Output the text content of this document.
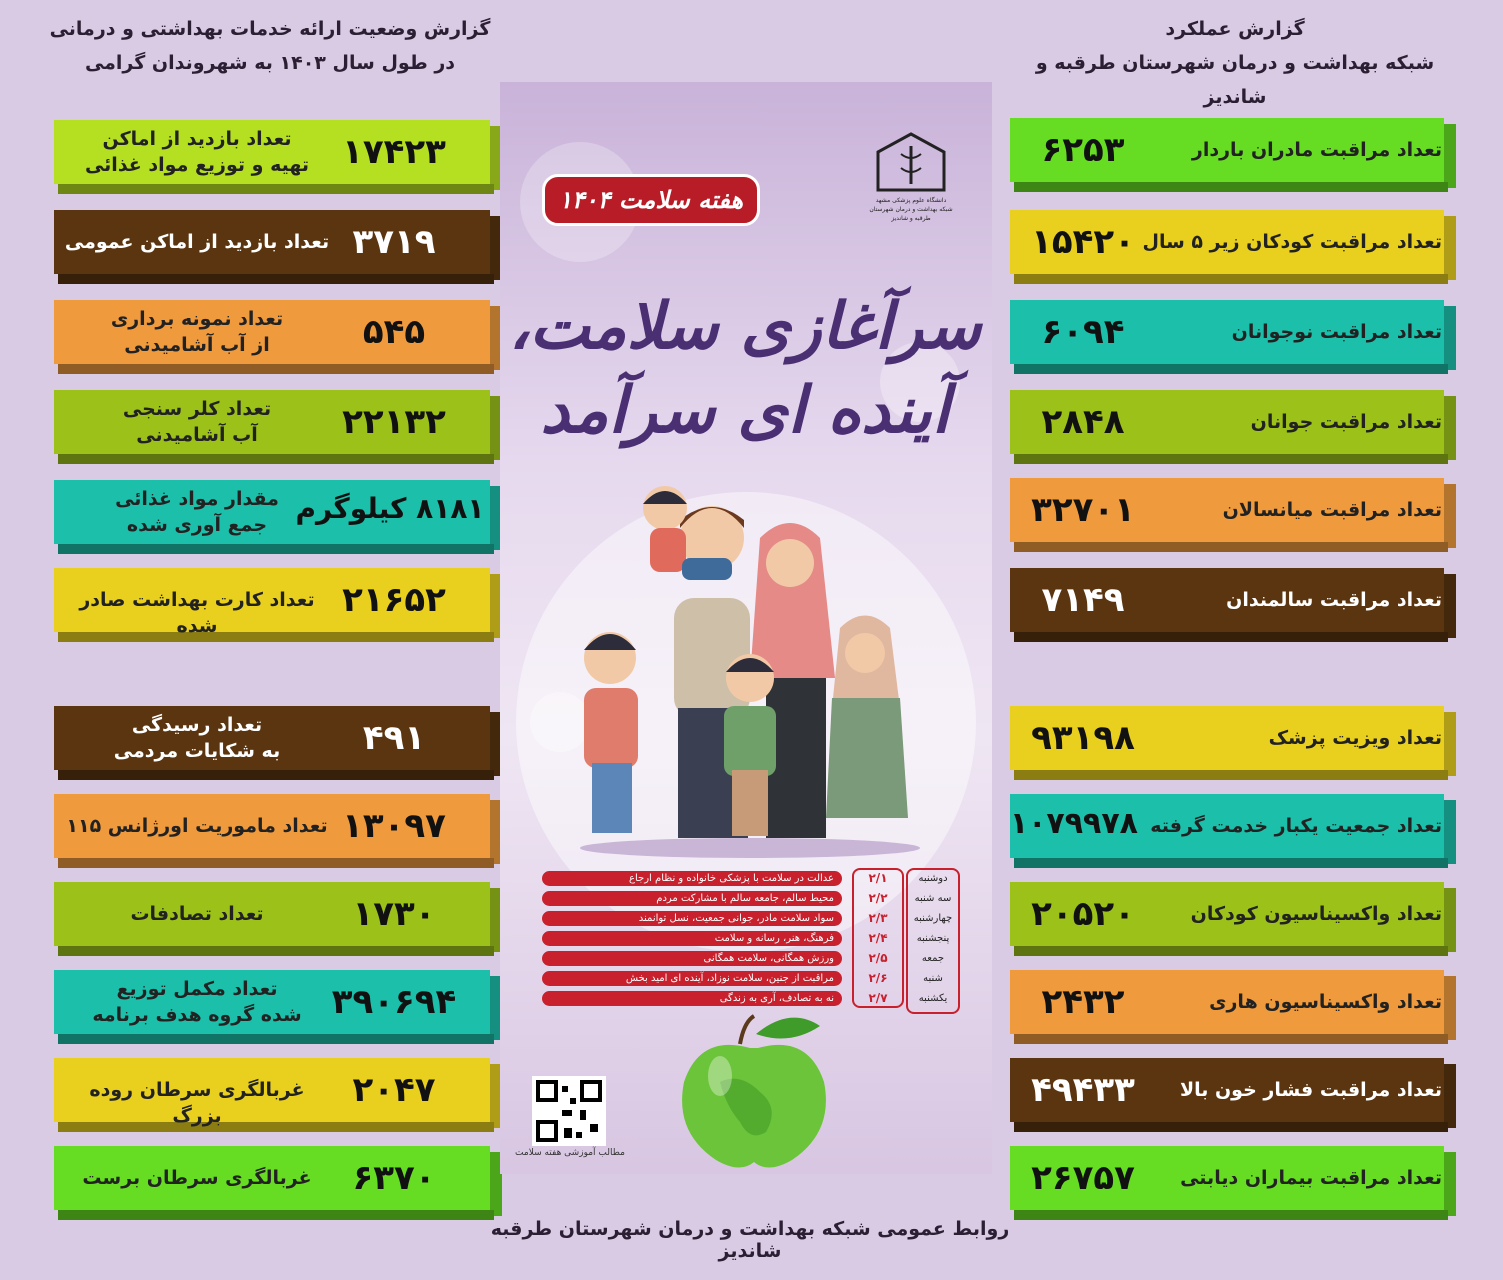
گزارش عملکرد
شبکه بهداشت و درمان شهرستان طرقبه و شاندیز
گزارش وضعیت ارائه خدمات بهداشتی و درمانی
در طول سال ۱۴۰۳ به شهروندان گرامی
تعداد بازدید از اماکن
تهیه و توزیع مواد غذائی	۱۷۴۲۳
تعداد بازدید از اماکن عمومی ۳۷۱۹
تعداد نمونه برداری
از آب آشامیدنی	۵۴۵
تعداد کلر سنجی
آب آشامیدنی	۲۲۱۳۲
مقدار مواد غذائی
جمع آوری شده	۸۱۸۱ کیلوگرم
تعداد کارت بهداشت صادر شده
۲۱۶۵۲
تعداد رسیدگی
به شکایات مردمی	۴۹۱
تعداد ماموریت اورژانس ۱۱۵ ۱۳۰۹۷
تعداد تصادفات	۱۷۳۰
تعداد مکمل توزیع
شده گروه هدف برنامه	۳۹۰۶۹۴
غربالگری سرطان روده بزرگ
۲۰۴۷
غربالگری سرطان برست	۶۳۷۰
تعداد مراقبت مادران باردار
۶۲۵۳
تعداد مراقبت کودکان زیر ۵ سال
۱۵۴۲۰
تعداد مراقبت نوجوانان
۶۰۹۴
تعداد مراقبت جوانان
۲۸۴۸
تعداد مراقبت میانسالان
۳۲۷۰۱
تعداد مراقبت سالمندان
۷۱۴۹
تعداد ویزیت پزشک
۹۳۱۹۸
تعداد جمعیت یکبار خدمت گرفته
۱۰۷۹۹۷۸
تعداد واکسیناسیون کودکان
۲۰۵۲۰
تعداد واکسیناسیون هاری
۲۴۳۲
تعداد مراقبت فشار خون بالا
۴۹۴۳۳
تعداد مراقبت بیماران دیابتی
۲۶۷۵۷
دانشگاه علوم پزشکی مشهد
شبکه بهداشت و درمان شهرستان طرقبه و شاندیز
هفته سلامت ۱۴۰۴
سرآغازی سلامت،
آینده ای سرآمد
عدالت در سلامت با پزشکی خانواده و نظام ارجاع	۲/۱	دوشنبه
محیط سالم، جامعه سالم با مشارکت مردم	۲/۲	سه شنبه
سواد سلامت مادر، جوانی جمعیت، نسل توانمند	۲/۳	چهارشنبه
فرهنگ، هنر، رسانه و سلامت	۲/۴	پنجشنبه
ورزش همگانی، سلامت همگانی	۲/۵	جمعه
مراقبت از جنین، سلامت نوزاد، آینده ای امید بخش	۲/۶	شنبه
نه به تصادف، آری به زندگی	۲/۷	یکشنبه
مطالب آموزشی هفته سلامت
روابط عمومی شبکه بهداشت و درمان شهرستان طرقبه شاندیز
